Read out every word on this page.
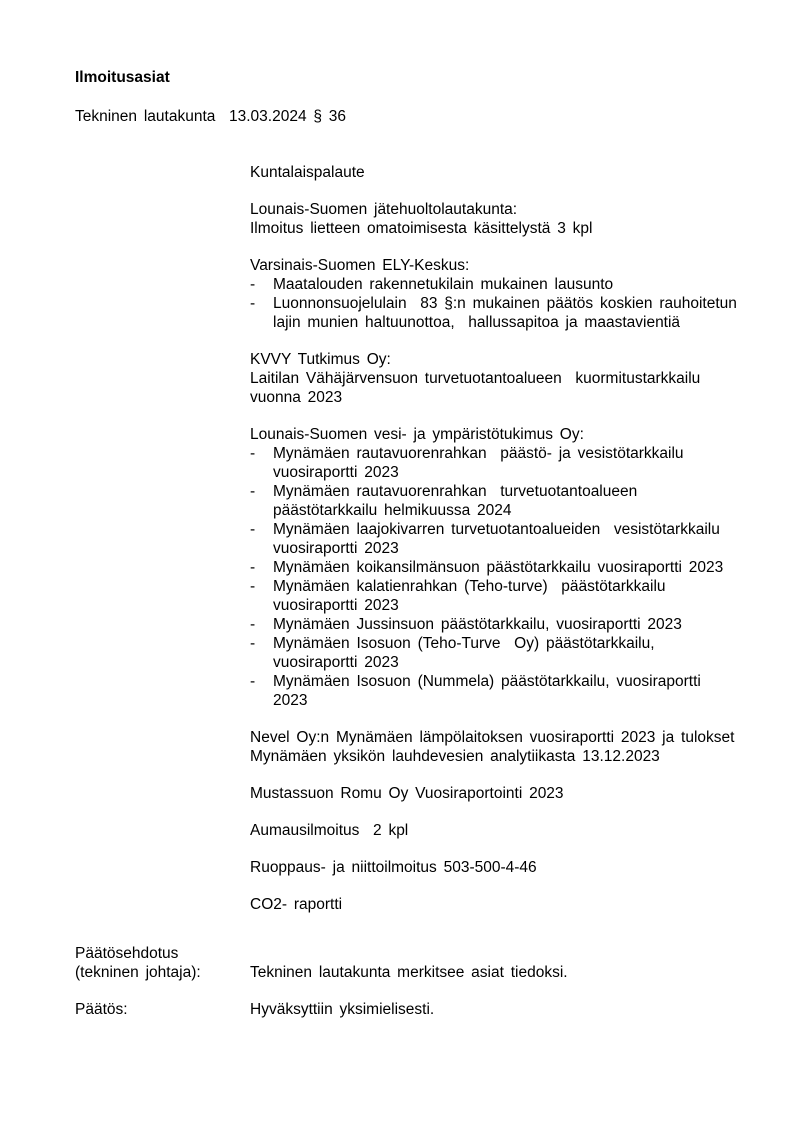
Ilmoitusasiat
Tekninen lautakunta  13.03.2024 § 36
Kuntalaispalaute
Lounais-Suomen jätehuoltolautakunta:
Ilmoitus lietteen omatoimisesta käsittelystä 3 kpl
Varsinais-Suomen ELY-Keskus:
-	Maatalouden rakennetukilain mukainen lausunto
-	Luonnonsuojelulain  83 §:n mukainen päätös koskien rauhoitetun
lajin munien haltuunottoa,  hallussapitoa ja maastavientiä
KVVY Tutkimus Oy:
Laitilan Vähäjärvensuon turvetuotantoalueen  kuormitustarkkailu
vuonna 2023
Lounais-Suomen vesi- ja ympäristötukimus Oy:
-	Mynämäen rautavuorenrahkan  päästö- ja vesistötarkkailu
vuosiraportti 2023
-	Mynämäen rautavuorenrahkan  turvetuotantoalueen
päästötarkkailu helmikuussa 2024
-	Mynämäen laajokivarren turvetuotantoalueiden  vesistötarkkailu
vuosiraportti 2023
-	Mynämäen koikansilmänsuon päästötarkkailu vuosiraportti 2023
-	Mynämäen kalatienrahkan (Teho-turve)  päästötarkkailu
vuosiraportti 2023
-	Mynämäen Jussinsuon päästötarkkailu, vuosiraportti 2023
-	Mynämäen Isosuon (Teho-Turve  Oy) päästötarkkailu,
vuosiraportti 2023
-	Mynämäen Isosuon (Nummela) päästötarkkailu, vuosiraportti
2023
Nevel Oy:n Mynämäen lämpölaitoksen vuosiraportti 2023 ja tulokset
Mynämäen yksikön lauhdevesien analytiikasta 13.12.2023
Mustassuon Romu Oy Vuosiraportointi 2023
Aumausilmoitus  2 kpl
Ruoppaus- ja niittoilmoitus 503-500-4-46
CO2- raportti
Päätösehdotus
(tekninen johtaja):	Tekninen lautakunta merkitsee asiat tiedoksi.
Päätös:	Hyväksyttiin yksimielisesti.
